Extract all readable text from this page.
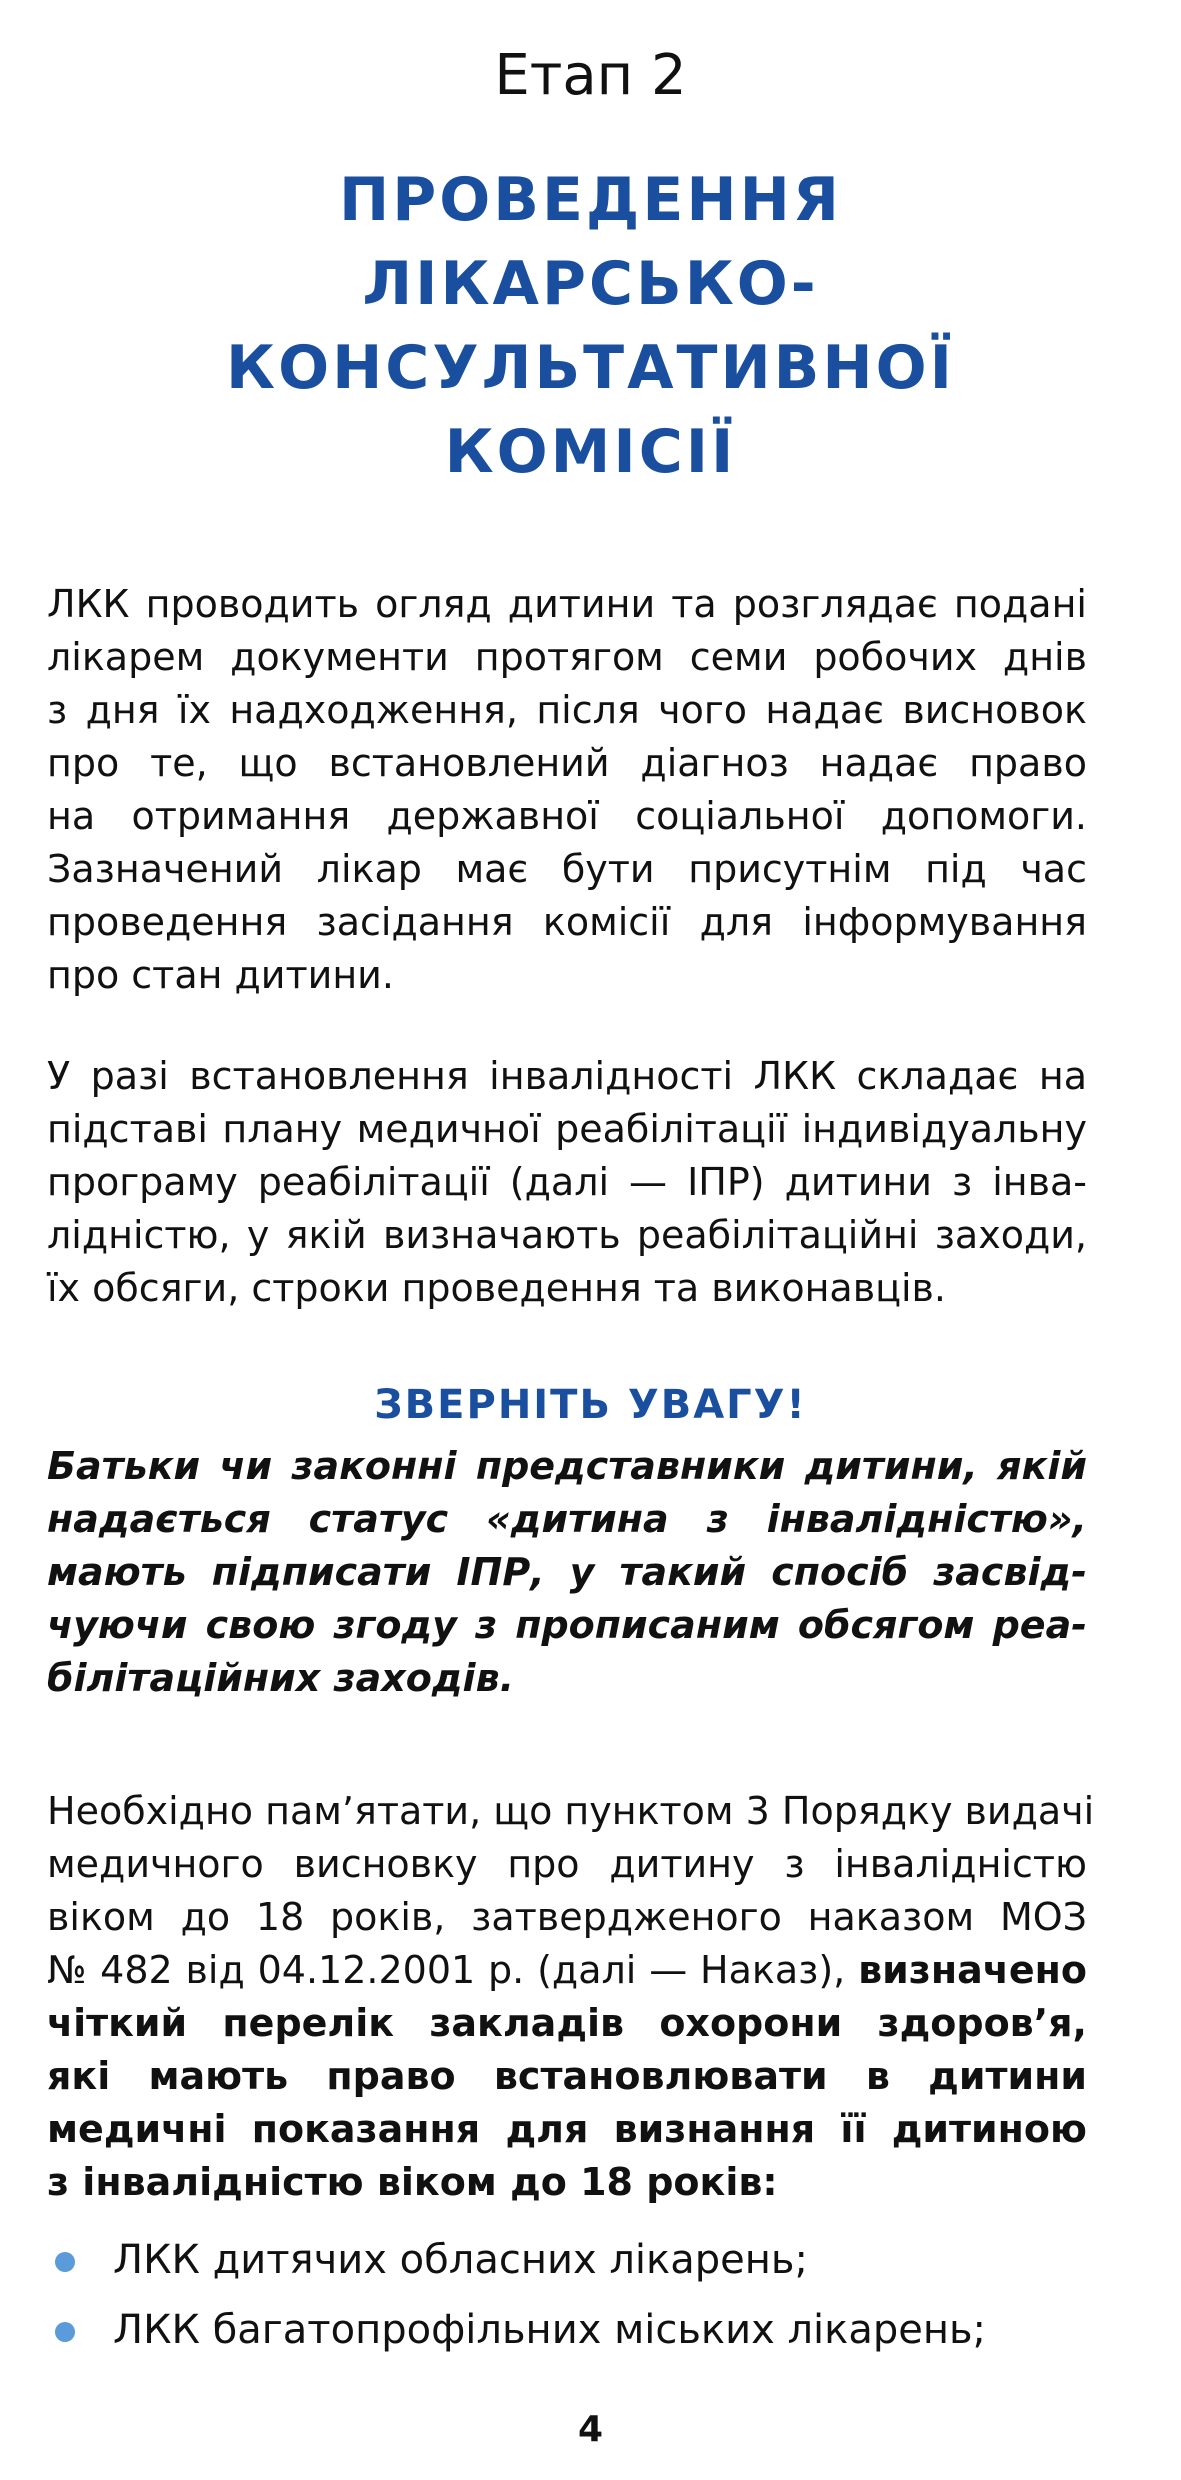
Етап 2
ПРОВЕДЕННЯ
ЛІКАРСЬКО-
КОНСУЛЬТАТИВНОЇ
КОМІСІЇ

ЛКК проводить огляд дитини та розглядає подані
лікарем документи протягом семи робочих днів
з дня їх надходження, після чого надає висновок
про те, що встановлений діагноз надає право
на отримання державної соціальної допомоги.
Зазначений лікар має бути присутнім під час
проведення засідання комісії для інформування
про стан дитини.

У разі встановлення інвалідності ЛКК складає на
підставі плану медичної реабілітації індивідуальну
програму реабілітації (далі — ІПР) дитини з інва-
лідністю, у якій визначають реабілітаційні заходи,
їх обсяги, строки проведення та виконавців.

ЗВЕРНІТЬ УВАГУ!

Батьки чи законні представники дитини, якій
надається статус «дитина з інвалідністю»,
мають підписати ІПР, у такий спосіб засвід-
чуючи свою згоду з прописаним обсягом реа-
білітаційних заходів.

Необхідно пам’ятати, що пунктом 3 Порядку видачі
медичного висновку про дитину з інвалідністю
віком до 18 років, затвердженого наказом МОЗ
№ 482 від 04.12.2001 р. (далі — Наказ), визначено
чіткий перелік закладів охорони здоров’я,
які мають право встановлювати в дитини
медичні показання для визнання її дитиною
з інвалідністю віком до 18 років:

ЛКК дитячих обласних лікарень;
ЛКК багатопрофільних міських лікарень;
4
